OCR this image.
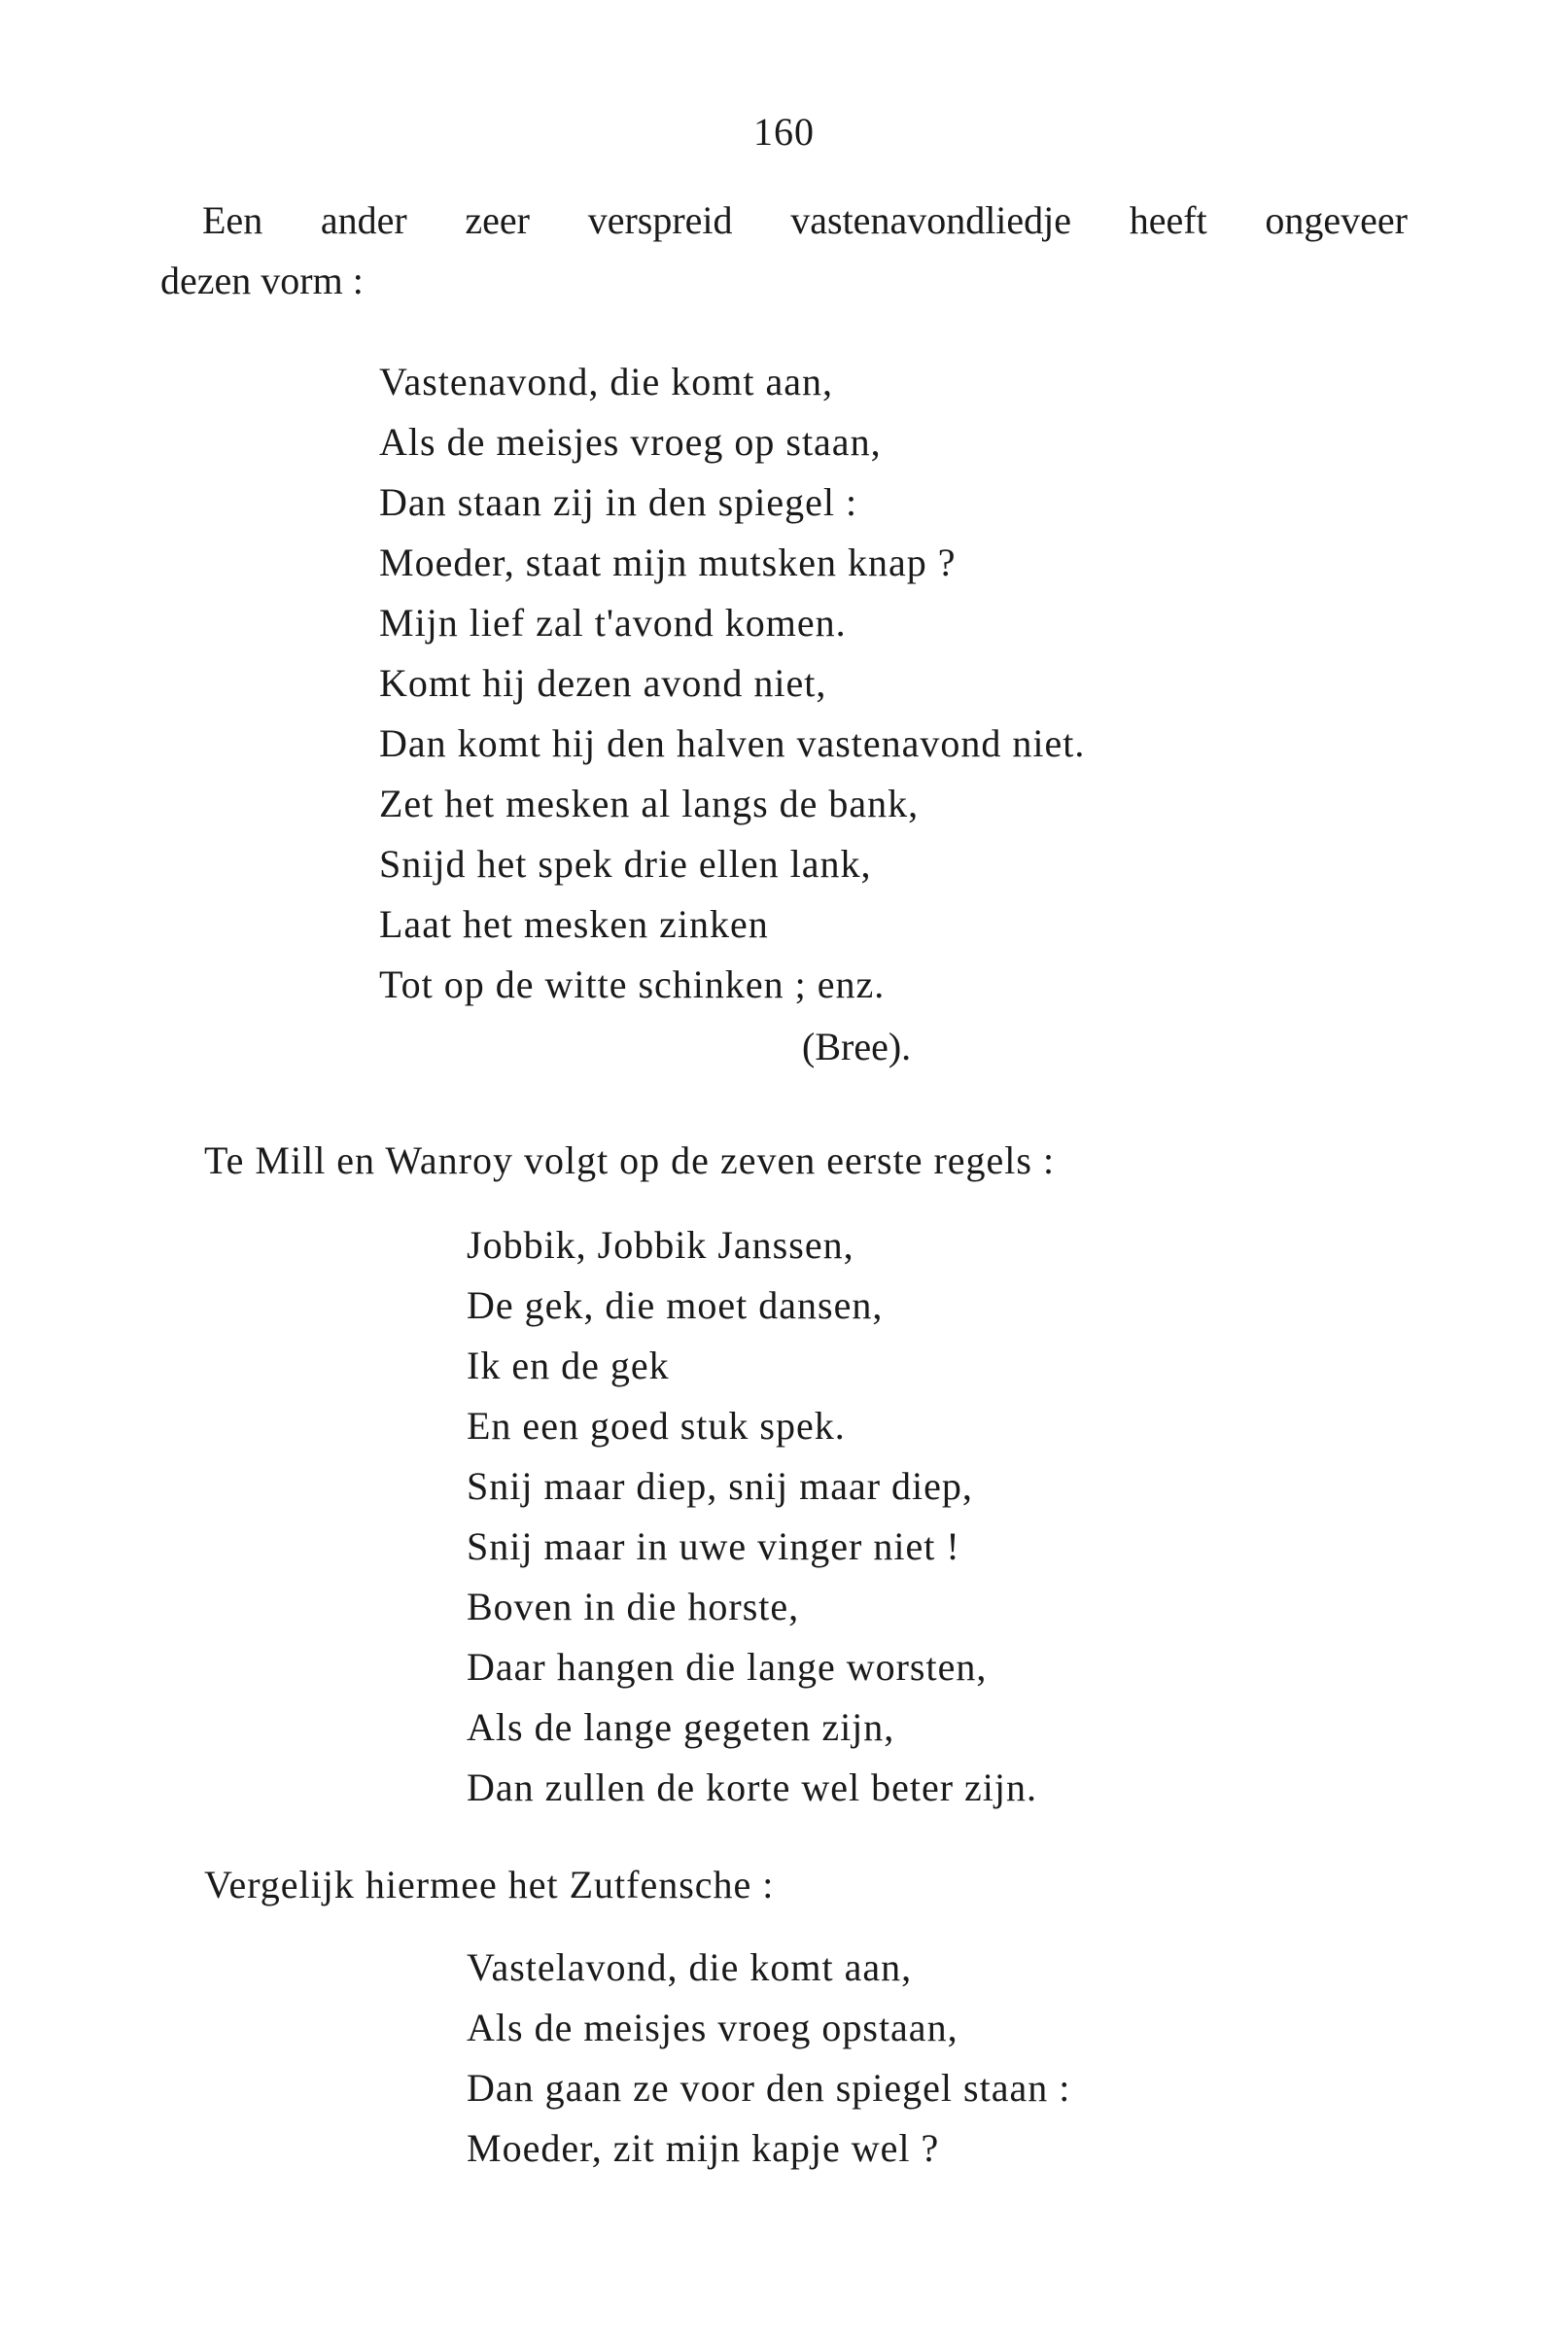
160
Een ander zeer verspreid vastenavondliedje heeft ongeveer
dezen vorm :
Vastenavond, die komt aan,
Als de meisjes vroeg op staan,
Dan staan zij in den spiegel :
Moeder, staat mijn mutsken knap ?
Mijn lief zal t'avond komen.
Komt hij dezen avond niet,
Dan komt hij den halven vastenavond niet.
Zet het mesken al langs de bank,
Snijd het spek drie ellen lank,
Laat het mesken zinken
Tot op de witte schinken ; enz.
(Bree).
Te Mill en Wanroy volgt op de zeven eerste regels :
Jobbik, Jobbik Janssen,
De gek, die moet dansen,
Ik en de gek
En een goed stuk spek.
Snij maar diep, snij maar diep,
Snij maar in uwe vinger niet !
Boven in die horste,
Daar hangen die lange worsten,
Als de lange gegeten zijn,
Dan zullen de korte wel beter zijn.
Vergelijk hiermee het Zutfensche :
Vastelavond, die komt aan,
Als de meisjes vroeg opstaan,
Dan gaan ze voor den spiegel staan :
Moeder, zit mijn kapje wel ?
